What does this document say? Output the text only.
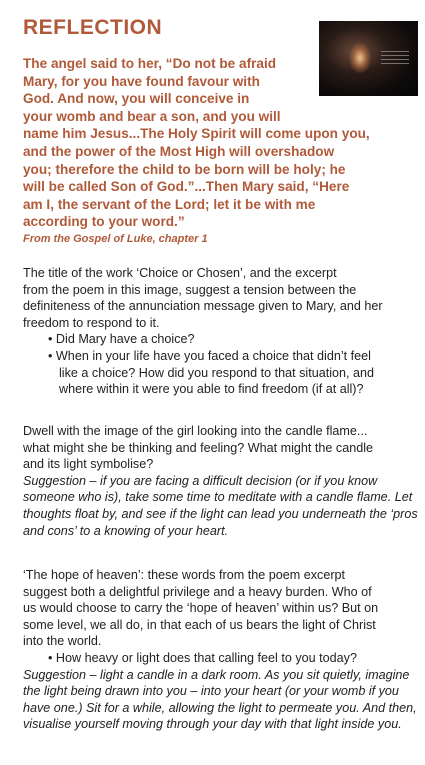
REFLECTION

The angel said to her, “Do not be afraid
Mary, for you have found favour with
God. And now, you will conceive in
your womb and bear a son, and you will
name him Jesus...The Holy Spirit will come upon you,
and the power of the Most High will overshadow
you; therefore the child to be born will be holy; he
will be called Son of God.”...Then Mary said, “Here
am I, the servant of the Lord; let it be with me
according to your word.”

From the Gospel of Luke, chapter 1

The title of the work ‘Choice or Chosen’, and the excerpt
from the poem in this image, suggest a tension between the
definiteness of the annunciation message given to Mary, and her
freedom to respond to it.
• Did Mary have a choice?
• When in your life have you faced a choice that didn’t feel
like a choice? How did you respond to that situation, and
where within it were you able to find freedom (if at all)?
Dwell with the image of the girl looking into the candle flame...
what might she be thinking and feeling? What might the candle
and its light symbolise?
Suggestion – if you are facing a difficult decision (or if you know
someone who is), take some time to meditate with a candle flame. Let
thoughts float by, and see if the light can lead you underneath the ‘pros
and cons’ to a knowing of your heart.
‘The hope of heaven’: these words from the poem excerpt
suggest both a delightful privilege and a heavy burden. Who of
us would choose to carry the ‘hope of heaven’ within us? But on
some level, we all do, in that each of us bears the light of Christ
into the world.
• How heavy or light does that calling feel to you today?
Suggestion – light a candle in a dark room. As you sit quietly, imagine
the light being drawn into you – into your heart (or your womb if you
have one.) Sit for a while, allowing the light to permeate you. And then,
visualise yourself moving through your day with that light inside you.
